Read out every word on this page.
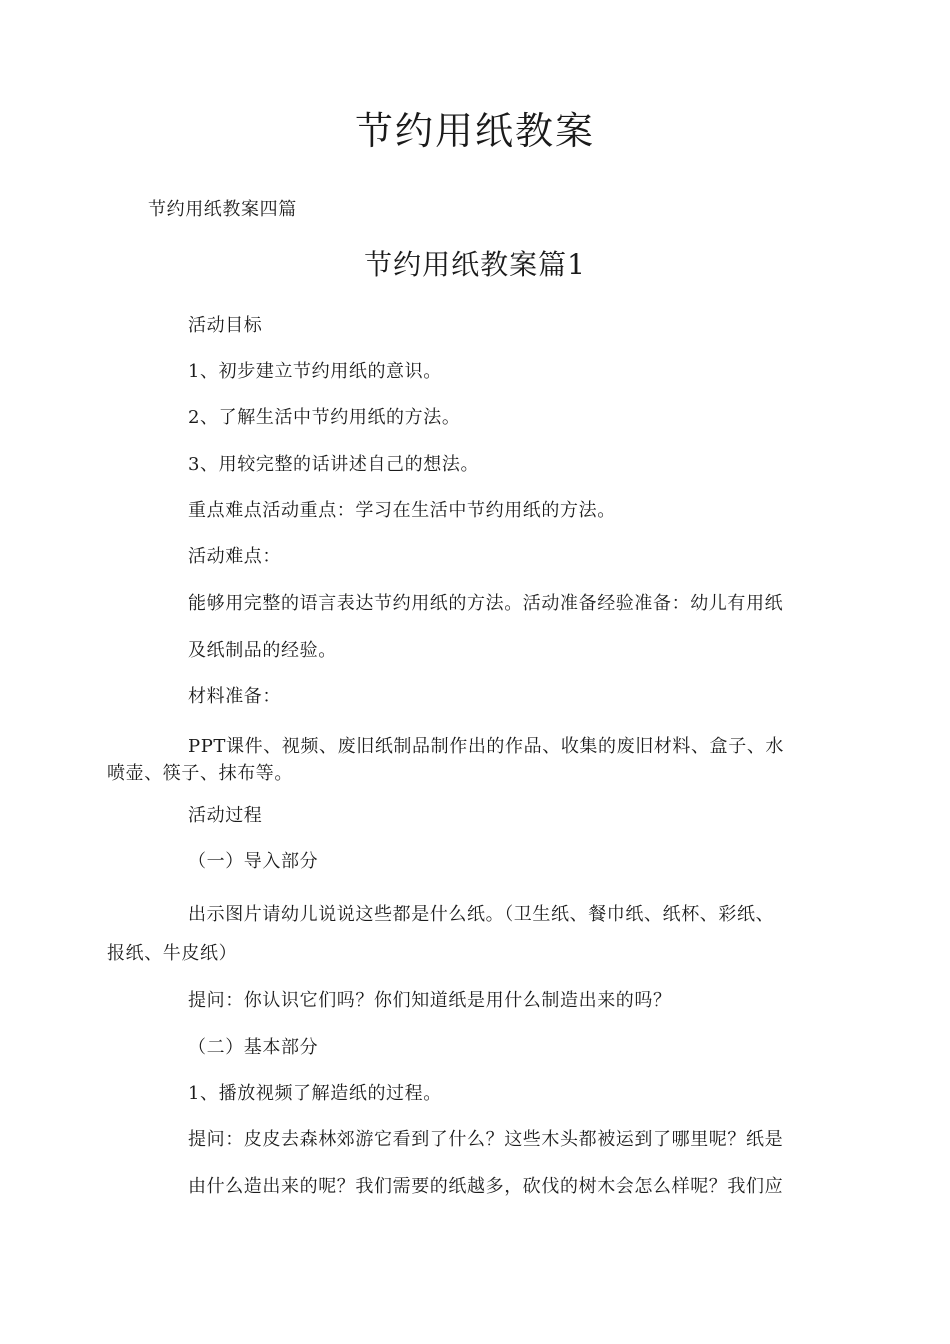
节约用纸教案
节约用纸教案四篇
节约用纸教案篇1
活动目标
1、初步建立节约用纸的意识。
2、了解生活中节约用纸的方法。
3、用较完整的话讲述自己的想法。
重点难点活动重点：学习在生活中节约用纸的方法。
活动难点：
能够用完整的语言表达节约用纸的方法。活动准备经验准备：幼儿有用纸
及纸制品的经验。
材料准备：
PPT课件、视频、废旧纸制品制作出的作品、收集的废旧材料、盒子、水
喷壶、筷子、抹布等。
活动过程
（一）导入部分
出示图片请幼儿说说这些都是什么纸。（卫生纸、餐巾纸、纸杯、彩纸、
报纸、牛皮纸）
提问：你认识它们吗？你们知道纸是用什么制造出来的吗？
（二）基本部分
1、播放视频了解造纸的过程。
提问：皮皮去森林郊游它看到了什么？这些木头都被运到了哪里呢？纸是
由什么造出来的呢？我们需要的纸越多，砍伐的树木会怎么样呢？我们应
